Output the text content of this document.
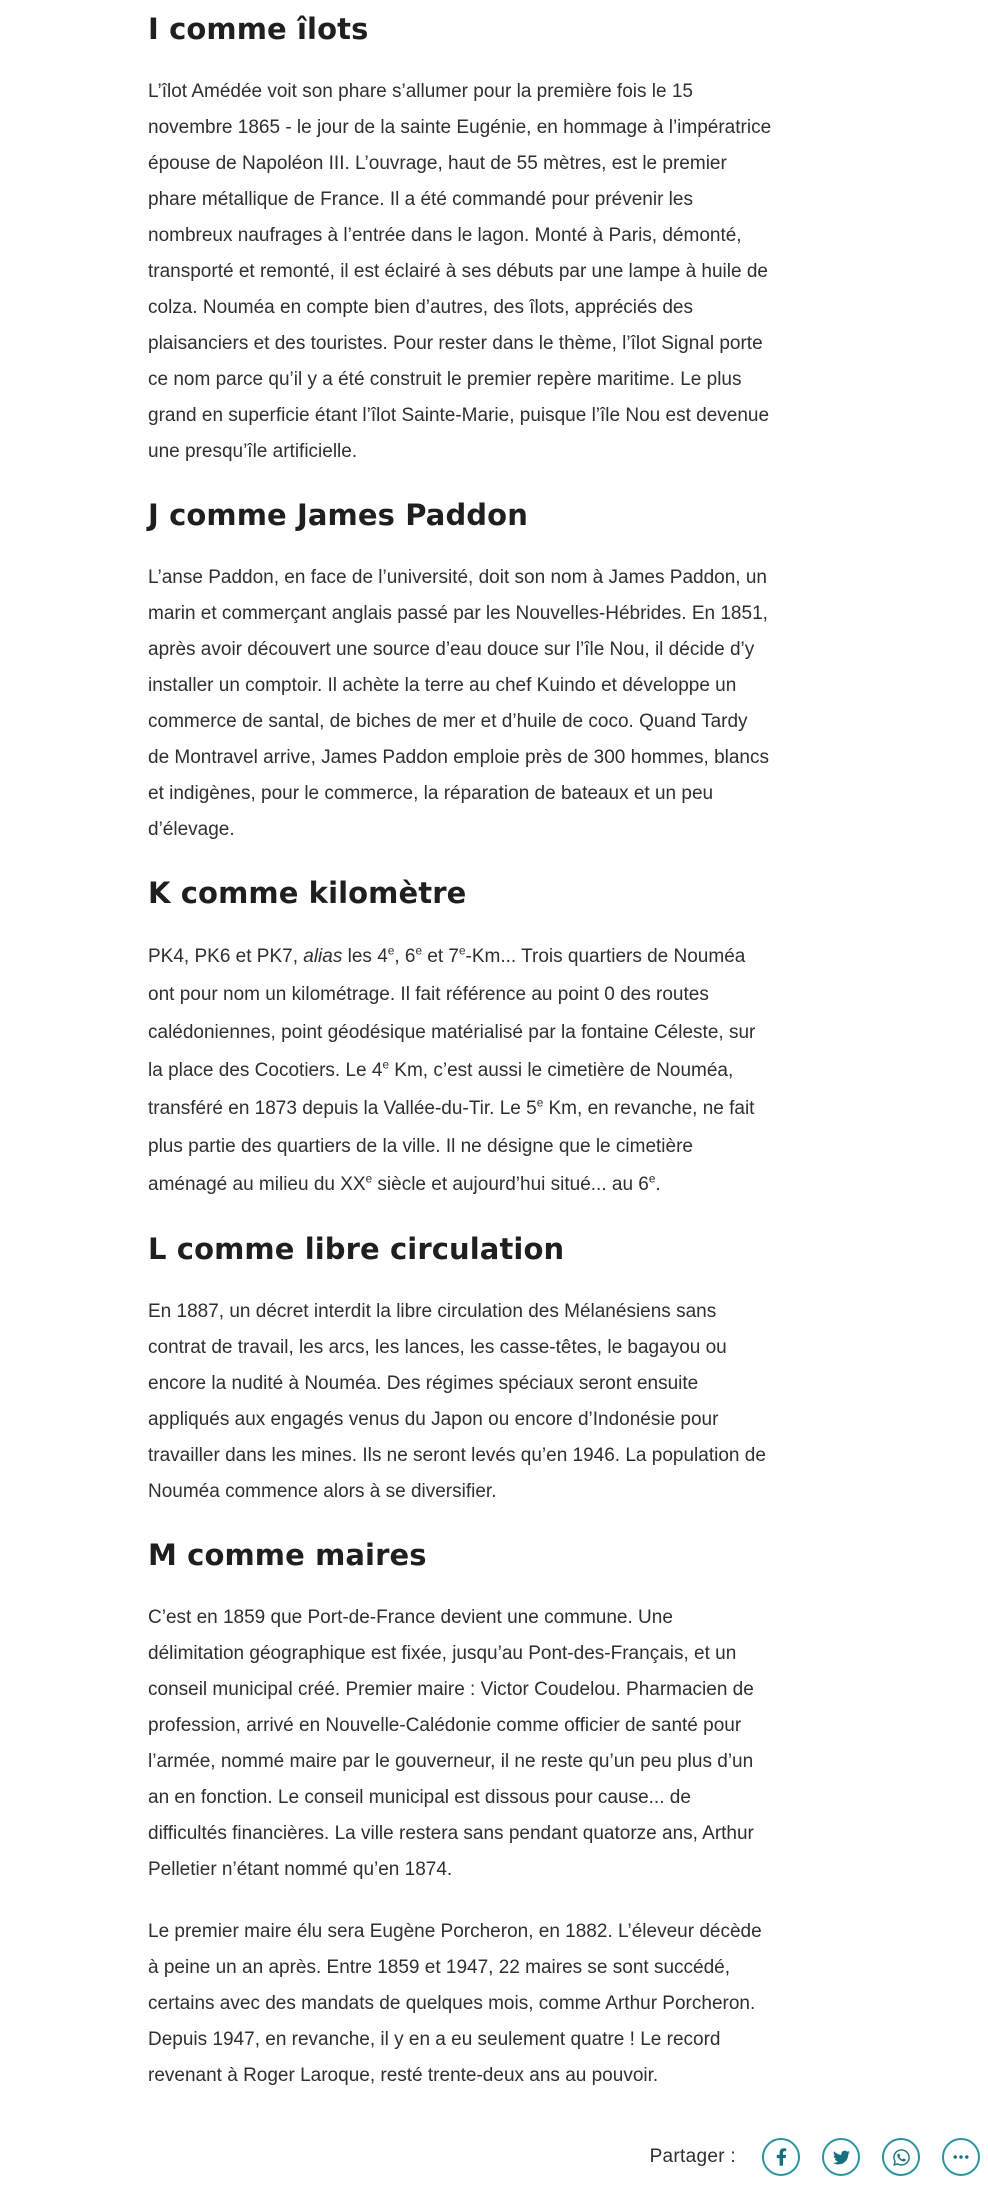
I comme îlots

L’îlot Amédée voit son phare s’allumer pour la première fois le 15 novembre 1865 - le jour de la sainte Eugénie, en hommage à l’impératrice épouse de Napoléon III. L’ouvrage, haut de 55 mètres, est le premier phare métallique de France. Il a été commandé pour prévenir les nombreux naufrages à l’entrée dans le lagon. Monté à Paris, démonté, transporté et remonté, il est éclairé à ses débuts par une lampe à huile de colza. Nouméa en compte bien d’autres, des îlots, appréciés des plaisanciers et des touristes. Pour rester dans le thème, l’îlot Signal porte ce nom parce qu’il y a été construit le premier repère maritime. Le plus grand en superficie étant l’îlot Sainte-Marie, puisque l’île Nou est devenue une presqu’île artificielle.

J comme James Paddon

L’anse Paddon, en face de l’université, doit son nom à James Paddon, un marin et commerçant anglais passé par les Nouvelles-Hébrides. En 1851, après avoir découvert une source d’eau douce sur l’île Nou, il décide d’y installer un comptoir. Il achète la terre au chef Kuindo et développe un commerce de santal, de biches de mer et d’huile de coco. Quand Tardy de Montravel arrive, James Paddon emploie près de 300 hommes, blancs et indigènes, pour le commerce, la réparation de bateaux et un peu d’élevage.

K comme kilomètre

PK4, PK6 et PK7, alias les 4e, 6e et 7e-Km... Trois quartiers de Nouméa ont pour nom un kilométrage. Il fait référence au point 0 des routes calédoniennes, point géodésique matérialisé par la fontaine Céleste, sur la place des Cocotiers. Le 4e Km, c’est aussi le cimetière de Nouméa, transféré en 1873 depuis la Vallée-du-Tir. Le 5e Km, en revanche, ne fait plus partie des quartiers de la ville. Il ne désigne que le cimetière aménagé au milieu du XXe siècle et aujourd’hui situé... au 6e.

L comme libre circulation

En 1887, un décret interdit la libre circulation des Mélanésiens sans contrat de travail, les arcs, les lances, les casse-têtes, le bagayou ou encore la nudité à Nouméa. Des régimes spéciaux seront ensuite appliqués aux engagés venus du Japon ou encore d’Indonésie pour travailler dans les mines. Ils ne seront levés qu’en 1946. La population de Nouméa commence alors à se diversifier.

M comme maires

C’est en 1859 que Port-de-France devient une commune. Une délimitation géographique est fixée, jusqu’au Pont-des-Français, et un conseil municipal créé. Premier maire : Victor Coudelou. Pharmacien de profession, arrivé en Nouvelle-Calédonie comme officier de santé pour l’armée, nommé maire par le gouverneur, il ne reste qu’un peu plus d’un an en fonction. Le conseil municipal est dissous pour cause... de difficultés financières. La ville restera sans pendant quatorze ans, Arthur Pelletier n’étant nommé qu’en 1874.

Le premier maire élu sera Eugène Porcheron, en 1882. L’éleveur décède à peine un an après. Entre 1859 et 1947, 22 maires se sont succédé, certains avec des mandats de quelques mois, comme Arthur Porcheron. Depuis 1947, en revanche, il y en a eu seulement quatre ! Le record revenant à Roger Laroque, resté trente-deux ans au pouvoir.

Partager :
